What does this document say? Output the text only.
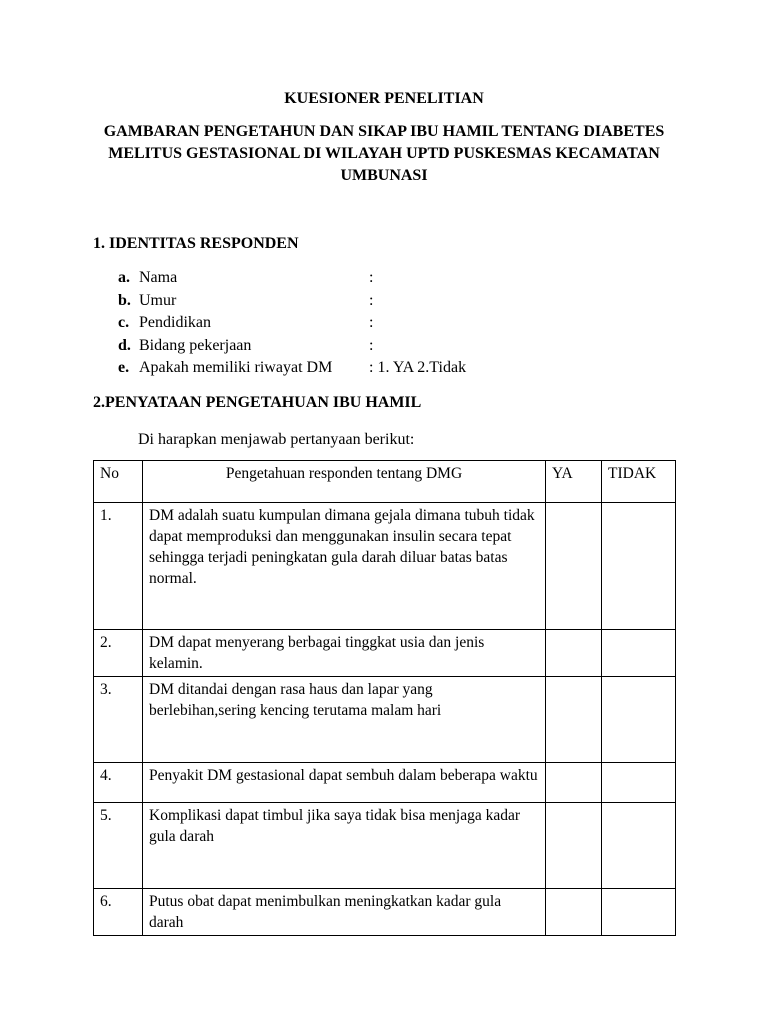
KUESIONER PENELITIAN
GAMBARAN PENGETAHUN DAN SIKAP IBU HAMIL TENTANG DIABETES MELITUS GESTASIONAL DI WILAYAH UPTD PUSKESMAS KECAMATAN UMBUNASI
1. IDENTITAS RESPONDEN
a. Nama	:
b. Umur	:
c. Pendidikan	:
d. Bidang pekerjaan	:
e. Apakah memiliki riwayat DM	: 1. YA 2.Tidak
2.PENYATAAN PENGETAHUAN IBU HAMIL
Di harapkan menjawab pertanyaan berikut:
No	Pengetahuan responden tentang DMG	YA	TIDAK
1.	DM adalah suatu kumpulan dimana gejala dimana tubuh tidak dapat memproduksi dan menggunakan insulin secara tepat sehingga terjadi peningkatan gula darah diluar batas batas normal.		
2.	DM dapat menyerang berbagai tinggkat usia dan jenis kelamin.		
3.	DM ditandai dengan rasa haus dan lapar yang berlebihan,sering kencing terutama malam hari		
4.	Penyakit DM gestasional dapat sembuh dalam beberapa waktu		
5.	Komplikasi dapat timbul jika saya tidak bisa menjaga kadar gula darah		
6.	Putus obat dapat menimbulkan meningkatkan kadar gula darah		
